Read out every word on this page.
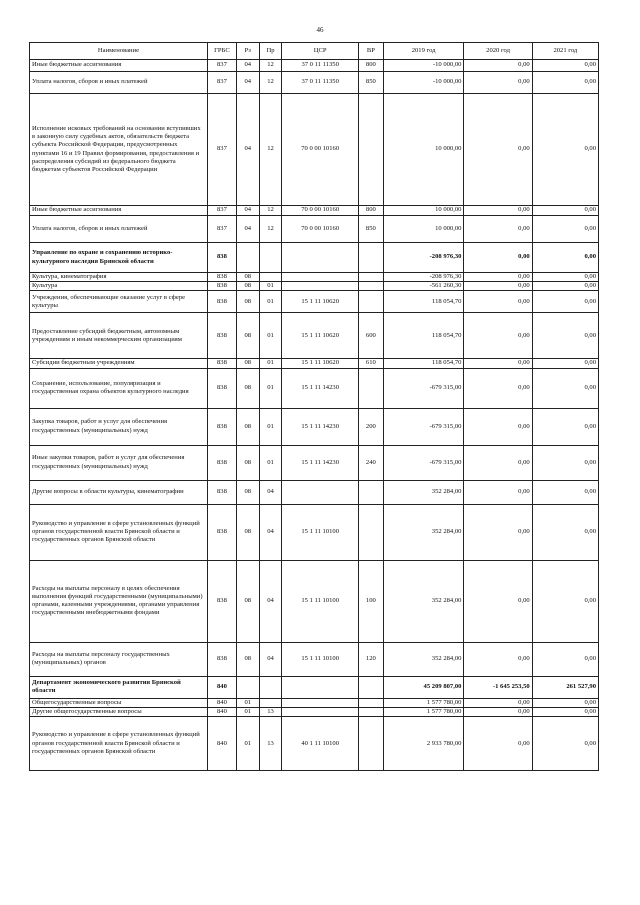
46
Наименование	ГРБС	Рз	Пр	ЦСР	ВР	2019 год	2020 год	2021 год
Иные бюджетные ассигнования	837	04	12	37 0 11 11350	800	-10 000,00	0,00	0,00
Уплата налогов, сборов и иных платежей	837	04	12	37 0 11 11350	850	-10 000,00	0,00	0,00
Исполнение исковых требований на основании вступивших в законную силу судебных актов, обязательств бюджета субъекта Российской Федерации, предусмотренных пунктами 16 и 19 Правил формирования, предоставления и распределения субсидий из федерального бюджета бюджетам субъектов Российской Федерации	837	04	12	70 0 00 10160		10 000,00	0,00	0,00
Иные бюджетные ассигнования	837	04	12	70 0 00 10160	800	10 000,00	0,00	0,00
Уплата налогов, сборов и иных платежей	837	04	12	70 0 00 10160	850	10 000,00	0,00	0,00
Управление по охране и сохранению историко-культурного наследия Брянской области	838					-208 976,30	0,00	0,00
Культура, кинематография	838	08				-208 976,30	0,00	0,00
Культура	838	08	01			-561 260,30	0,00	0,00
Учреждения, обеспечивающие оказание услуг в сфере культуры	838	08	01	15 1 11 10620		118 054,70	0,00	0,00
Предоставление субсидий бюджетным, автономным учреждениям и иным некоммерческим организациям	838	08	01	15 1 11 10620	600	118 054,70	0,00	0,00
Субсидии бюджетным учреждениям	838	08	01	15 1 11 10620	610	118 054,70	0,00	0,00
Сохранение, использование, популяризация и государственная охрана объектов культурного наследия	838	08	01	15 1 11 14230		-679 315,00	0,00	0,00
Закупка товаров, работ и услуг для обеспечения государственных (муниципальных) нужд	838	08	01	15 1 11 14230	200	-679 315,00	0,00	0,00
Иные закупки товаров, работ и услуг для обеспечения государственных (муниципальных) нужд	838	08	01	15 1 11 14230	240	-679 315,00	0,00	0,00
Другие вопросы в области культуры, кинематографии	838	08	04			352 284,00	0,00	0,00
Руководство и управление в сфере установленных функций органов государственной власти Брянской области и государственных органов Брянской области	838	08	04	15 1 11 10100		352 284,00	0,00	0,00
Расходы на выплаты персоналу в целях обеспечения выполнения функций государственными (муниципальными) органами, казенными учреждениями, органами управления государственными внебюджетными фондами	838	08	04	15 1 11 10100	100	352 284,00	0,00	0,00
Расходы на выплаты персоналу государственных (муниципальных) органов	838	08	04	15 1 11 10100	120	352 284,00	0,00	0,00
Департамент экономического развития Брянской области	840					45 209 807,00	-1 645 253,50	261 527,90
Общегосударственные вопросы	840	01				1 577 780,00	0,00	0,00
Другие общегосударственные вопросы	840	01	13			1 577 780,00	0,00	0,00
Руководство и управление в сфере установленных функций органов государственной власти Брянской области и государственных органов Брянской области	840	01	13	40 1 11 10100		2 933 780,00	0,00	0,00
